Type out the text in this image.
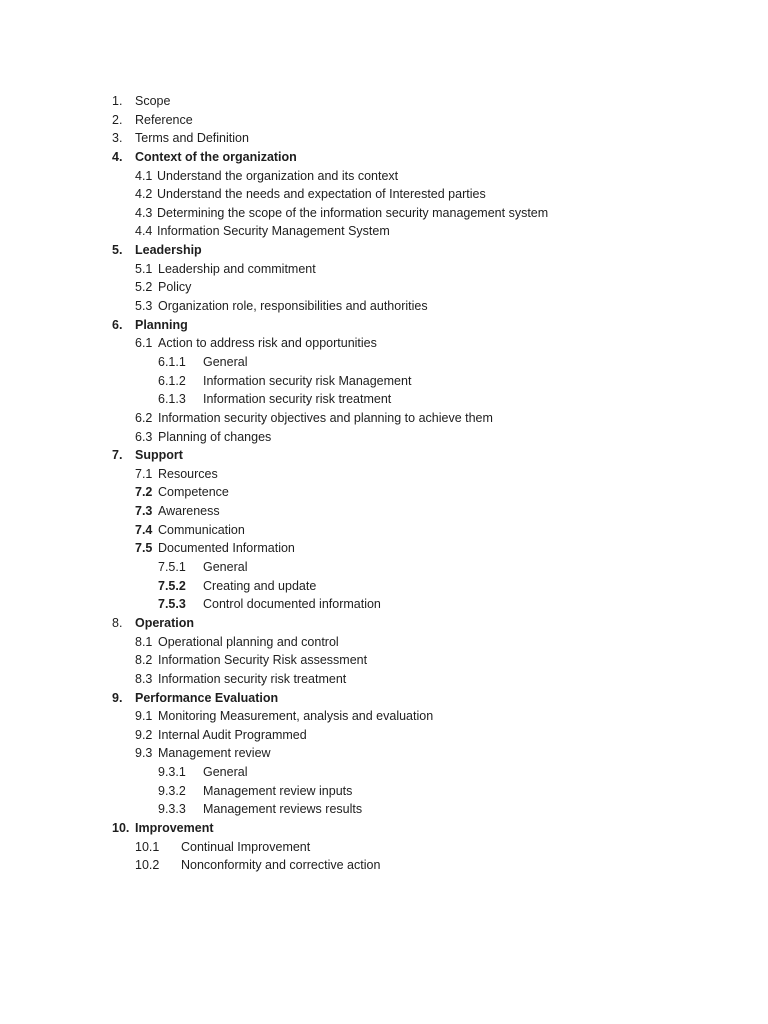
1. Scope
2. Reference
3. Terms and Definition
4. Context of the organization
4.1 Understand the organization and its context
4.2 Understand the needs and expectation of Interested parties
4.3 Determining the scope of the information security management system
4.4 Information Security Management System
5. Leadership
5.1 Leadership and commitment
5.2 Policy
5.3 Organization role, responsibilities and authorities
6. Planning
6.1 Action to address risk and opportunities
6.1.1 General
6.1.2 Information security risk Management
6.1.3 Information security risk treatment
6.2 Information security objectives and planning to achieve them
6.3 Planning of changes
7. Support
7.1 Resources
7.2 Competence
7.3 Awareness
7.4 Communication
7.5 Documented Information
7.5.1 General
7.5.2 Creating and update
7.5.3 Control documented information
8. Operation
8.1 Operational planning and control
8.2 Information Security Risk assessment
8.3 Information security risk treatment
9. Performance Evaluation
9.1 Monitoring Measurement, analysis and evaluation
9.2 Internal Audit Programmed
9.3 Management review
9.3.1 General
9.3.2 Management review inputs
9.3.3 Management reviews results
10. Improvement
10.1 Continual Improvement
10.2 Nonconformity and corrective action
